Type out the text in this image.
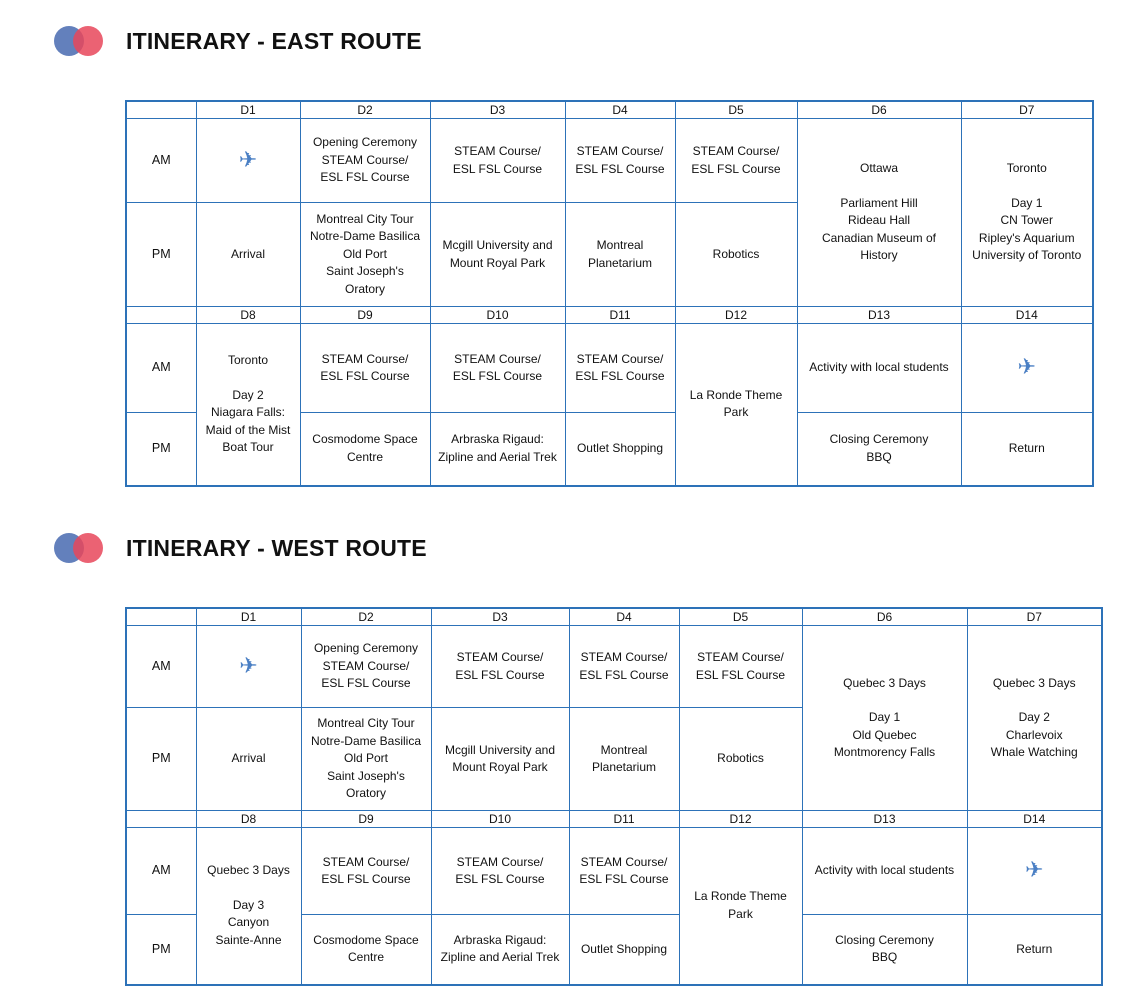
ITINERARY - EAST ROUTE
	D1	D2	D3	D4	D5	D6	D7
AM	✈	Opening Ceremony
STEAM Course/
ESL FSL Course	STEAM Course/
ESL FSL Course	STEAM Course/
ESL FSL Course	STEAM Course/
ESL FSL Course	Ottawa
Parliament Hill
Rideau Hall
Canadian Museum of
History	Toronto
Day 1
CN Tower
Ripley's Aquarium
University of Toronto

PM	Arrival	Montreal City Tour
Notre-Dame Basilica
Old Port
Saint Joseph's
Oratory	Mcgill University and
Mount Royal Park	Montreal
Planetarium	Robotics		
	D8	D9	D10	D11	D12	D13	D14
AM	Toronto
Day 2
Niagara Falls:
Maid of the Mist
Boat Tour	STEAM Course/
ESL FSL Course	STEAM Course/
ESL FSL Course	STEAM Course/
ESL FSL Course	La Ronde Theme
Park	Activity with local students	✈
PM		Cosmodome Space
Centre	Arbraska Rigaud:
Zipline and Aerial Trek	Outlet Shopping		Closing Ceremony
BBQ	Return
ITINERARY - WEST ROUTE
	D1	D2	D3	D4	D5	D6	D7
AM	✈	Opening Ceremony
STEAM Course/
ESL FSL Course	STEAM Course/
ESL FSL Course	STEAM Course/
ESL FSL Course	STEAM Course/
ESL FSL Course	Quebec 3 Days
Day 1
Old Quebec
Montmorency Falls	Quebec 3 Days
Day 2
Charlevoix
Whale Watching

PM	Arrival	Montreal City Tour
Notre-Dame Basilica
Old Port
Saint Joseph's
Oratory	Mcgill University and
Mount Royal Park	Montreal
Planetarium	Robotics		
	D8	D9	D10	D11	D12	D13	D14
AM	Quebec 3 Days
Day 3
Canyon
Sainte-Anne	STEAM Course/
ESL FSL Course	STEAM Course/
ESL FSL Course	STEAM Course/
ESL FSL Course	La Ronde Theme
Park	Activity with local students	✈
PM		Cosmodome Space
Centre	Arbraska Rigaud:
Zipline and Aerial Trek	Outlet Shopping		Closing Ceremony
BBQ	Return
